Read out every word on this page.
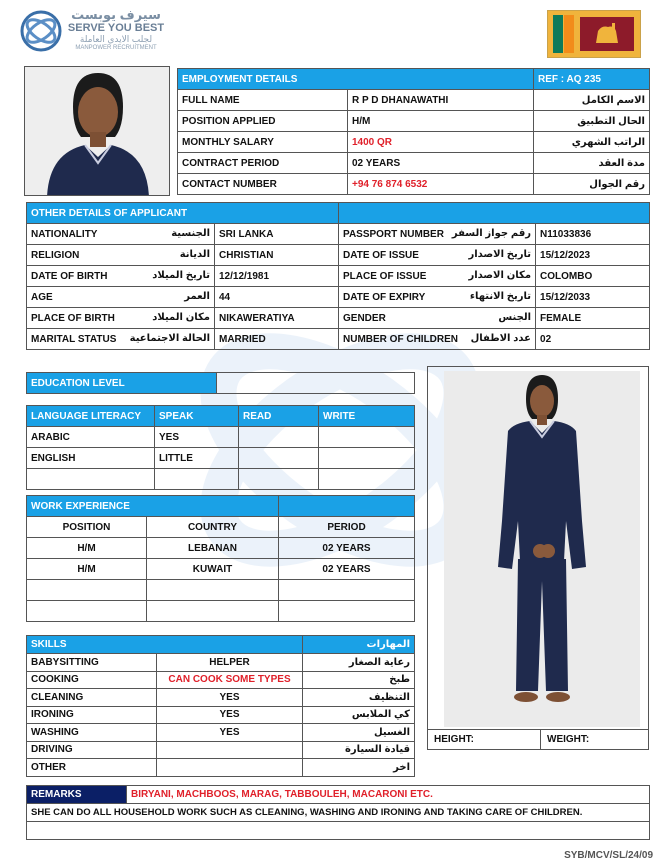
سيرف يوبست
SERVE YOU BEST
لجلب الايدي العاملة
MANPOWER RECRUITMENT
EMPLOYMENT DETAILS		REF : AQ 235
FULL NAME	R P D DHANAWATHI	الاسم الكامل
POSITION APPLIED	H/M	الحال التطبيق
MONTHLY SALARY	1400 QR	الراتب الشهري
CONTRACT PERIOD	02 YEARS	مدة العقد
CONTACT NUMBER	+94 76 874 6532	رقم الجوال
OTHER DETAILS OF APPLICANT			
NATIONALITY الجنسية	SRI LANKA	PASSPORT NUMBER رقم جواز السفر	N11033836
RELIGION الديانة	CHRISTIAN	DATE OF ISSUE تاريخ الاصدار	15/12/2023
DATE OF BIRTH تاريخ الميلاد	12/12/1981	PLACE OF ISSUE مكان الاصدار	COLOMBO
AGE العمر	44	DATE OF EXPIRY تاريخ الانتهاء	15/12/2033
PLACE OF BIRTH مكان الميلاد	NIKAWERATIYA	GENDER الجنس	FEMALE
MARITAL STATUS الحالة الاجتماعية	MARRIED	NUMBER OF CHILDREN عدد الاطفال	02
EDUCATION LEVEL	
LANGUAGE LITERACY	SPEAK	READ	WRITE
ARABIC	YES		
ENGLISH	LITTLE		

WORK EXPERIENCE		
POSITION	COUNTRY	PERIOD
H/M	LEBANAN	02 YEARS
H/M	KUWAIT	02 YEARS

SKILLS		المهارات
BABYSITTING	HELPER	رعاية الصغار
COOKING	CAN COOK SOME TYPES	طبخ
CLEANING	YES	التنظيف
IRONING	YES	كي الملابس
WASHING	YES	الغسيل
DRIVING		قيادة السيارة
OTHER		اخر
HEIGHT:	WEIGHT:
REMARKS	BIRYANI, MACHBOOS, MARAG, TABBOULEH, MACARONI ETC.
SHE CAN DO ALL HOUSEHOLD WORK SUCH AS CLEANING, WASHING AND IRONING AND TAKING CARE OF CHILDREN.

SYB/MCV/SL/24/09
